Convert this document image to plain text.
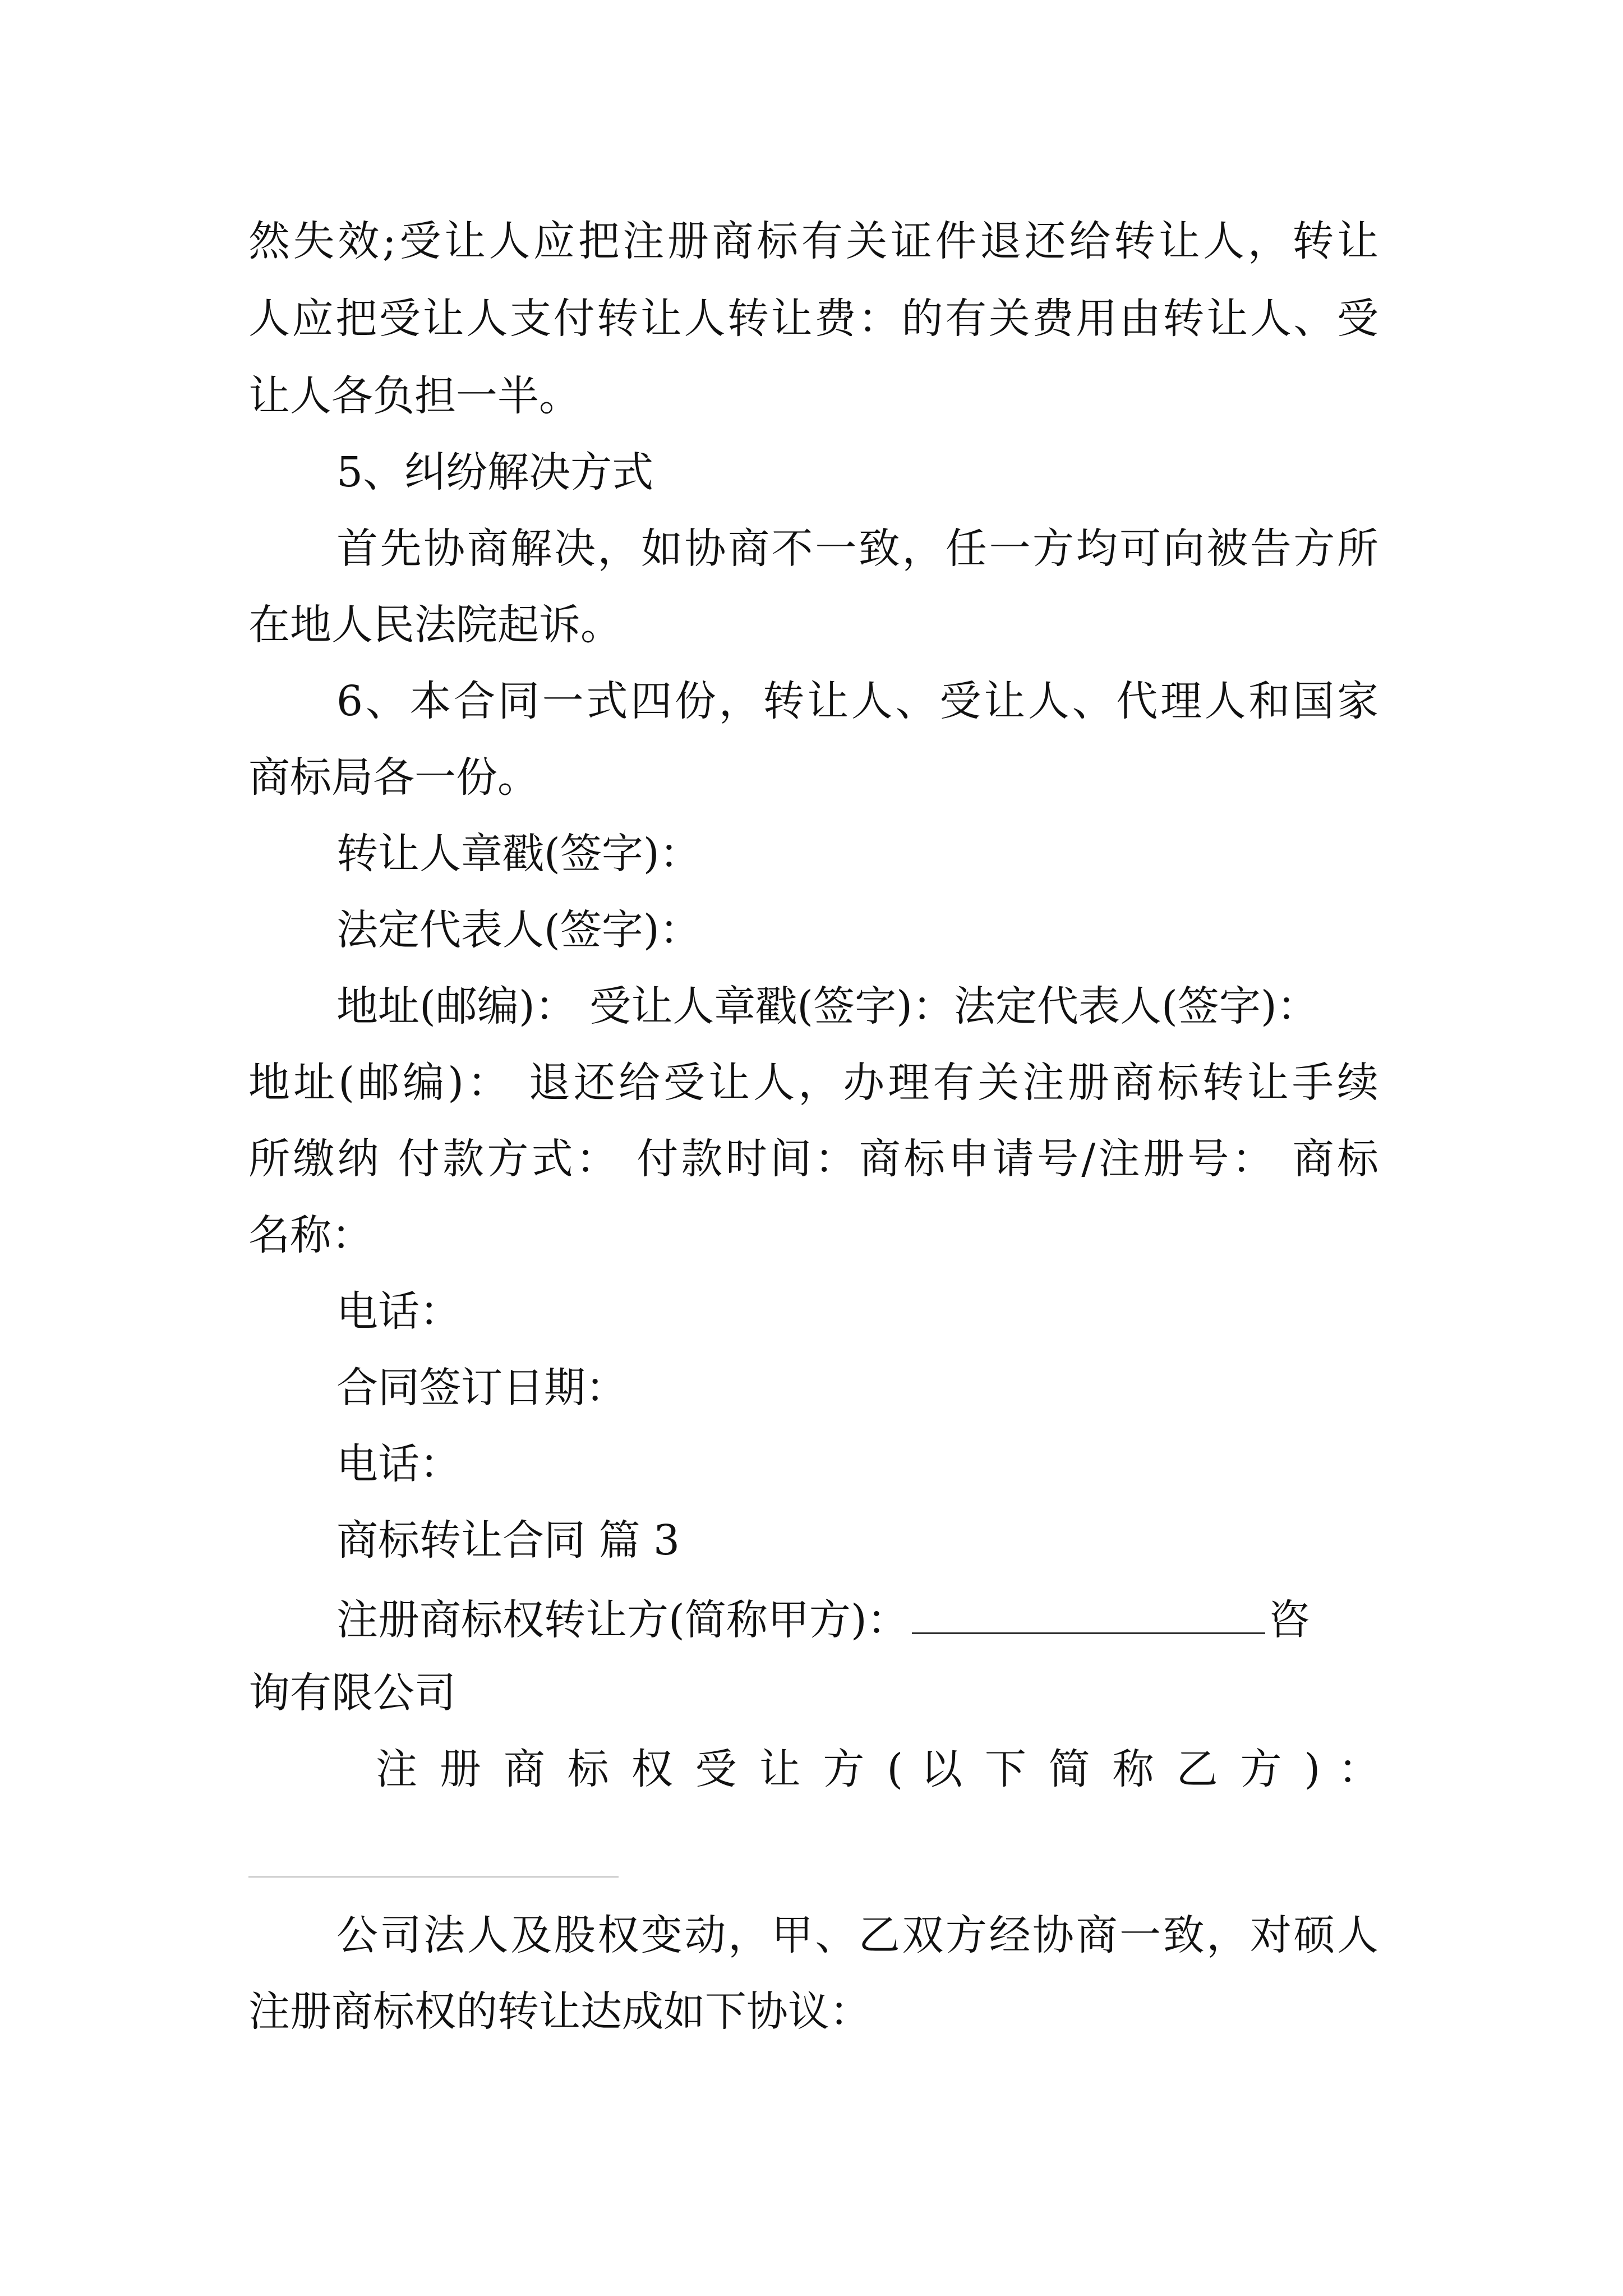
然失效;受让人应把注册商标有关证件退还给转让人，转让
人应把受让人支付转让人转让费：的有关费用由转让人、受
让人各负担一半。
5、纠纷解决方式
首先协商解决，如协商不一致，任一方均可向被告方所
在地人民法院起诉。
6、本合同一式四份，转让人、受让人、代理人和国家
商标局各一份。
转让人章戳(签字)：
法定代表人(签字)：
地址(邮编)： 受让人章戳(签字)：法定代表人(签字)：
地址(邮编)： 退还给受让人，办理有关注册商标转让手续
所缴纳 付款方式： 付款时间：商标申请号/注册号： 商标
名称：
电话：
合同签订日期：
电话：
商标转让合同 篇 3
注册商标权转让方(简称甲方)：	咨
询有限公司
注 册 商 标 权 受 让 方 ( 以 下 简 称 乙 方 ) ：
公司法人及股权变动，甲、乙双方经协商一致，对硕人
注册商标权的转让达成如下协议：
